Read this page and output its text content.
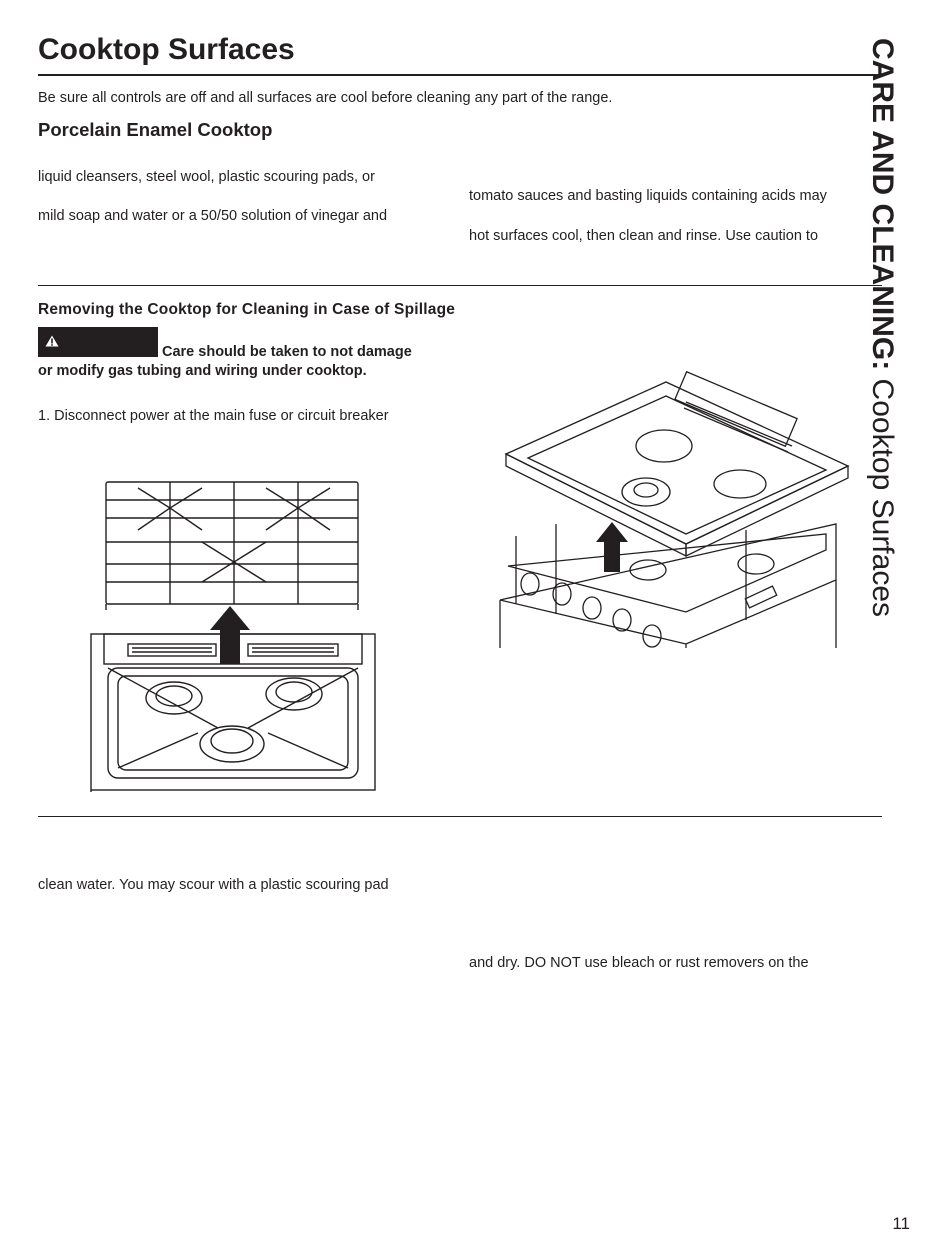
Cooktop Surfaces
Be sure all controls are off and all surfaces are cool before cleaning any part of the range.
Porcelain Enamel Cooktop
liquid cleansers, steel wool, plastic scouring pads, or
mild soap and water or a 50/50 solution of vinegar and
tomato sauces and basting liquids containing acids may
hot surfaces cool, then clean and rinse. Use caution to
Removing the Cooktop for Cleaning in Case of Spillage
Care should be taken to not damage
or modify gas tubing and wiring under cooktop.
1. Disconnect power at the main fuse or circuit breaker
clean water. You may scour with a plastic scouring pad
and dry. DO NOT use bleach or rust removers on the
CARE AND CLEANING: Cooktop Surfaces
11
